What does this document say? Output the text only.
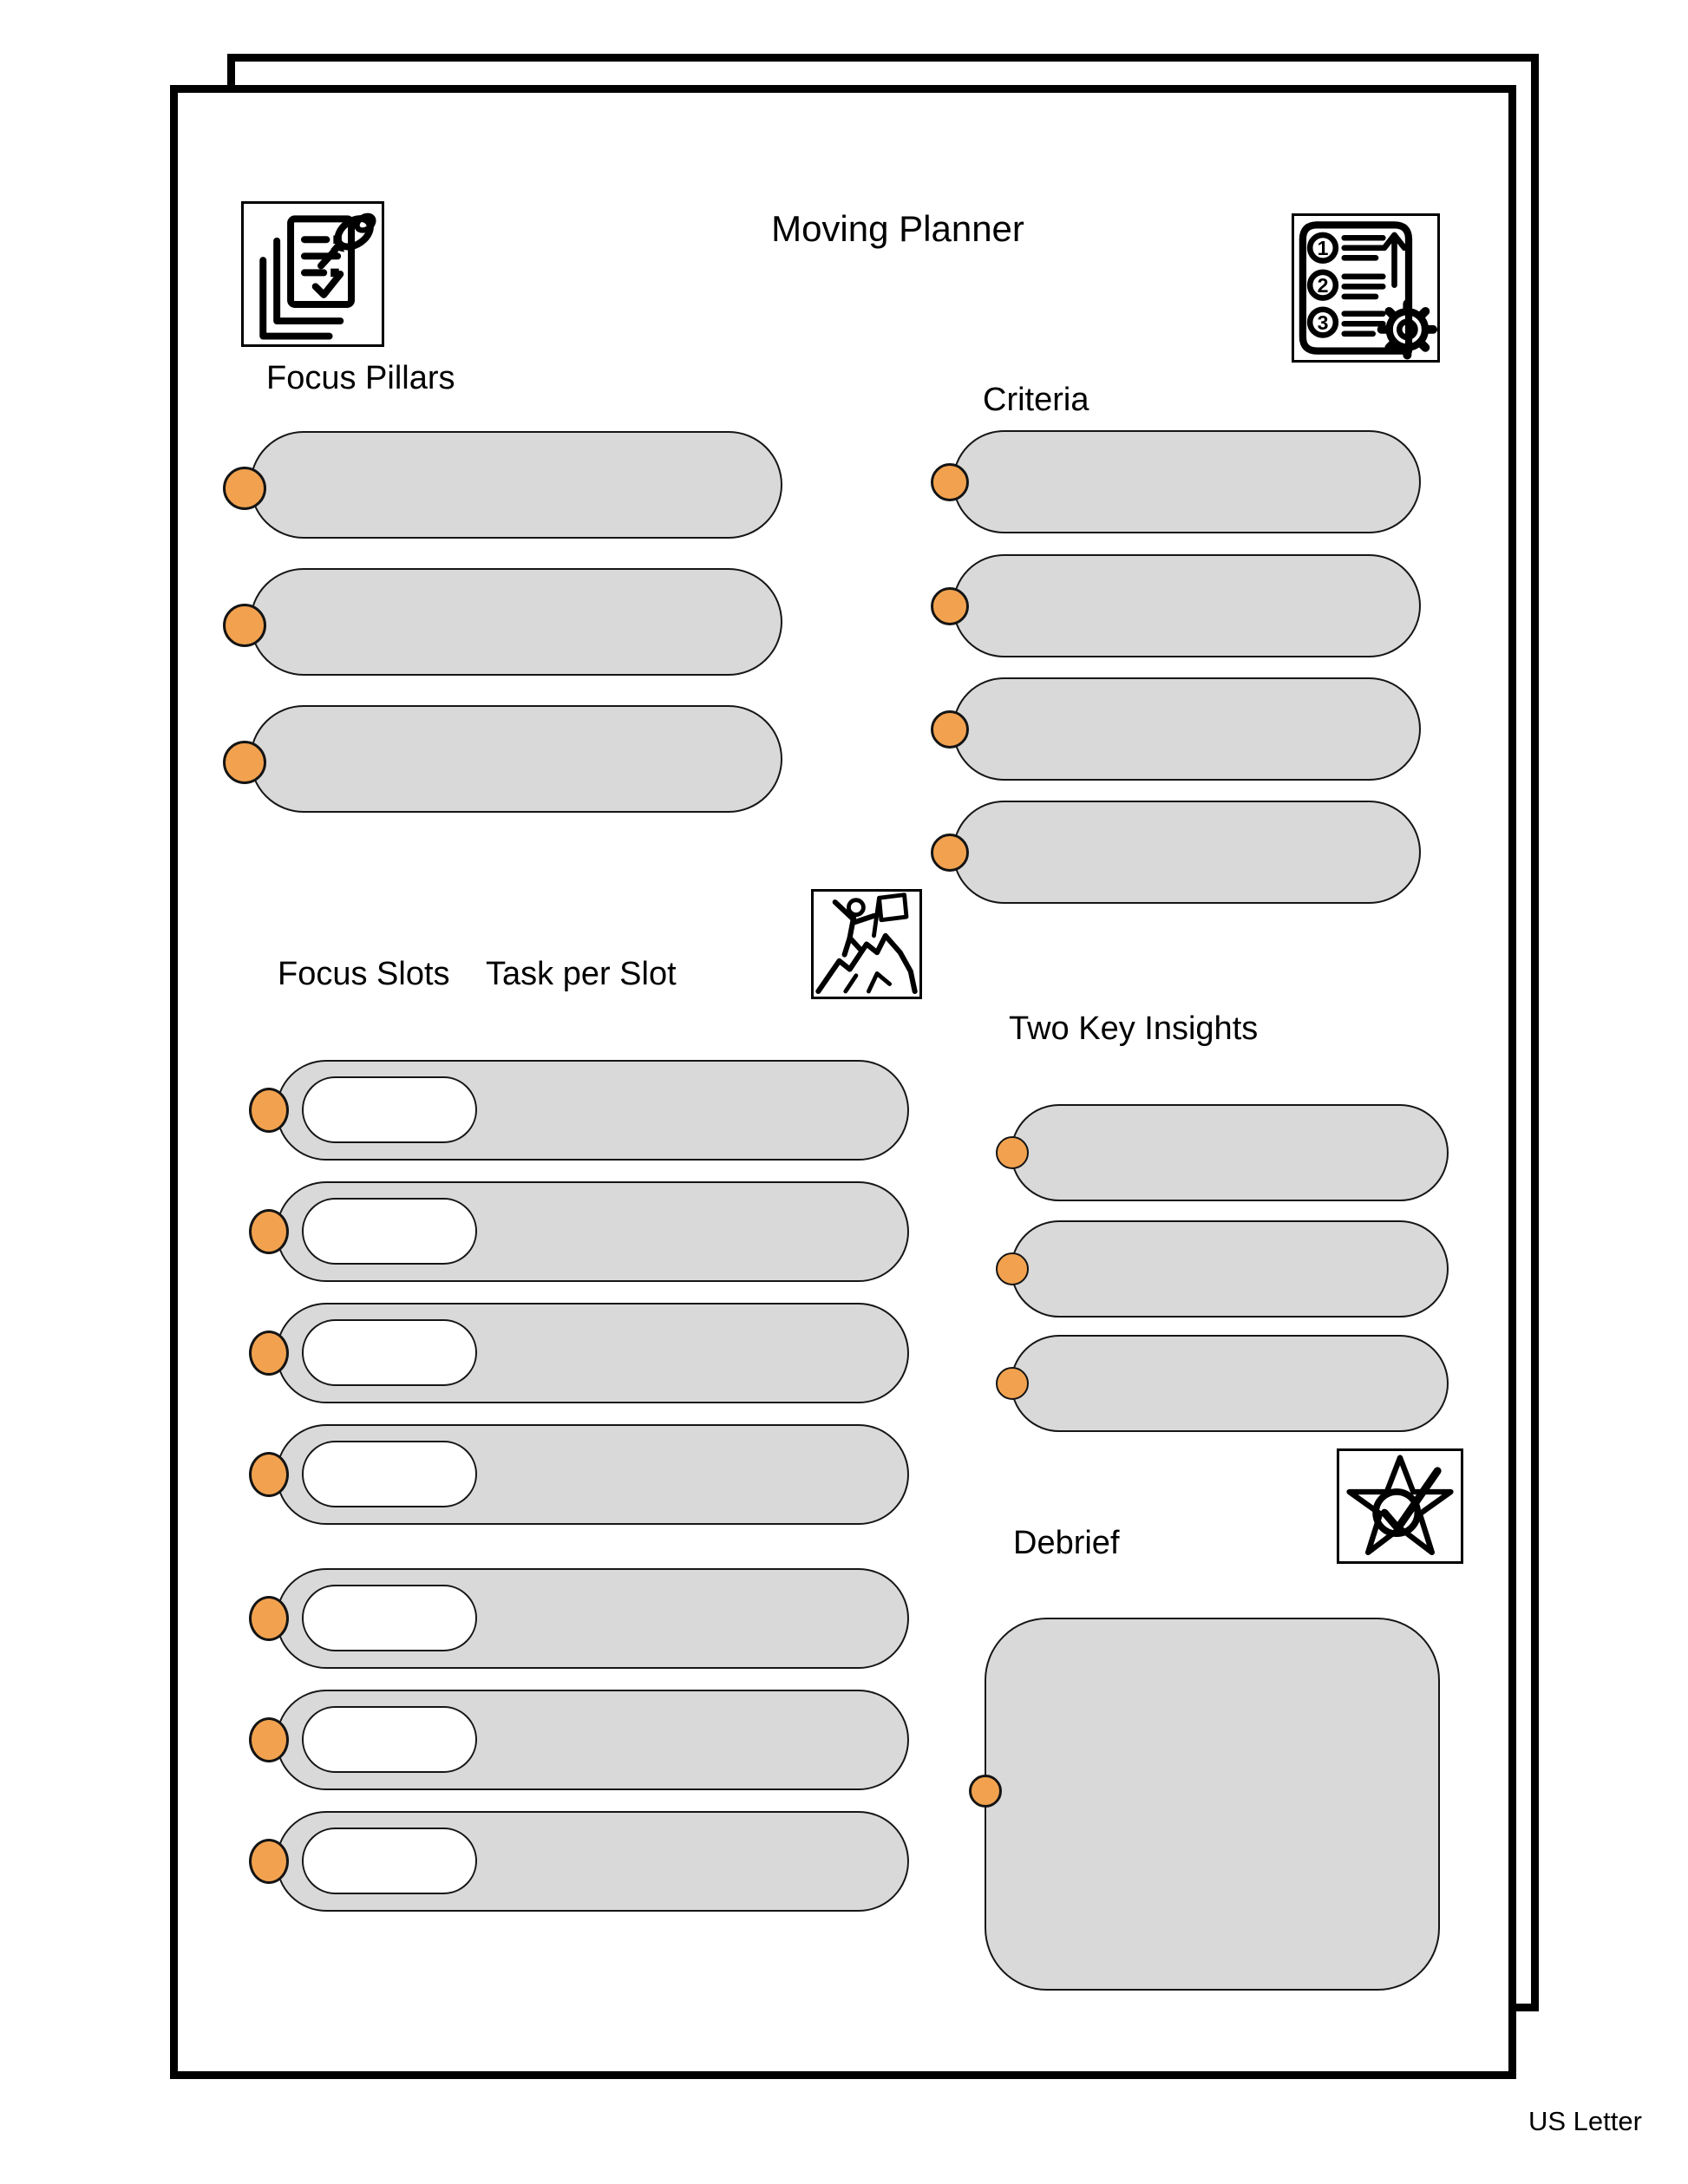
Moving Planner	1
2
3
Focus Pillars
Criteria
Focus Slots Task per Slot
Two Key Insights
Debrief
US Letter
